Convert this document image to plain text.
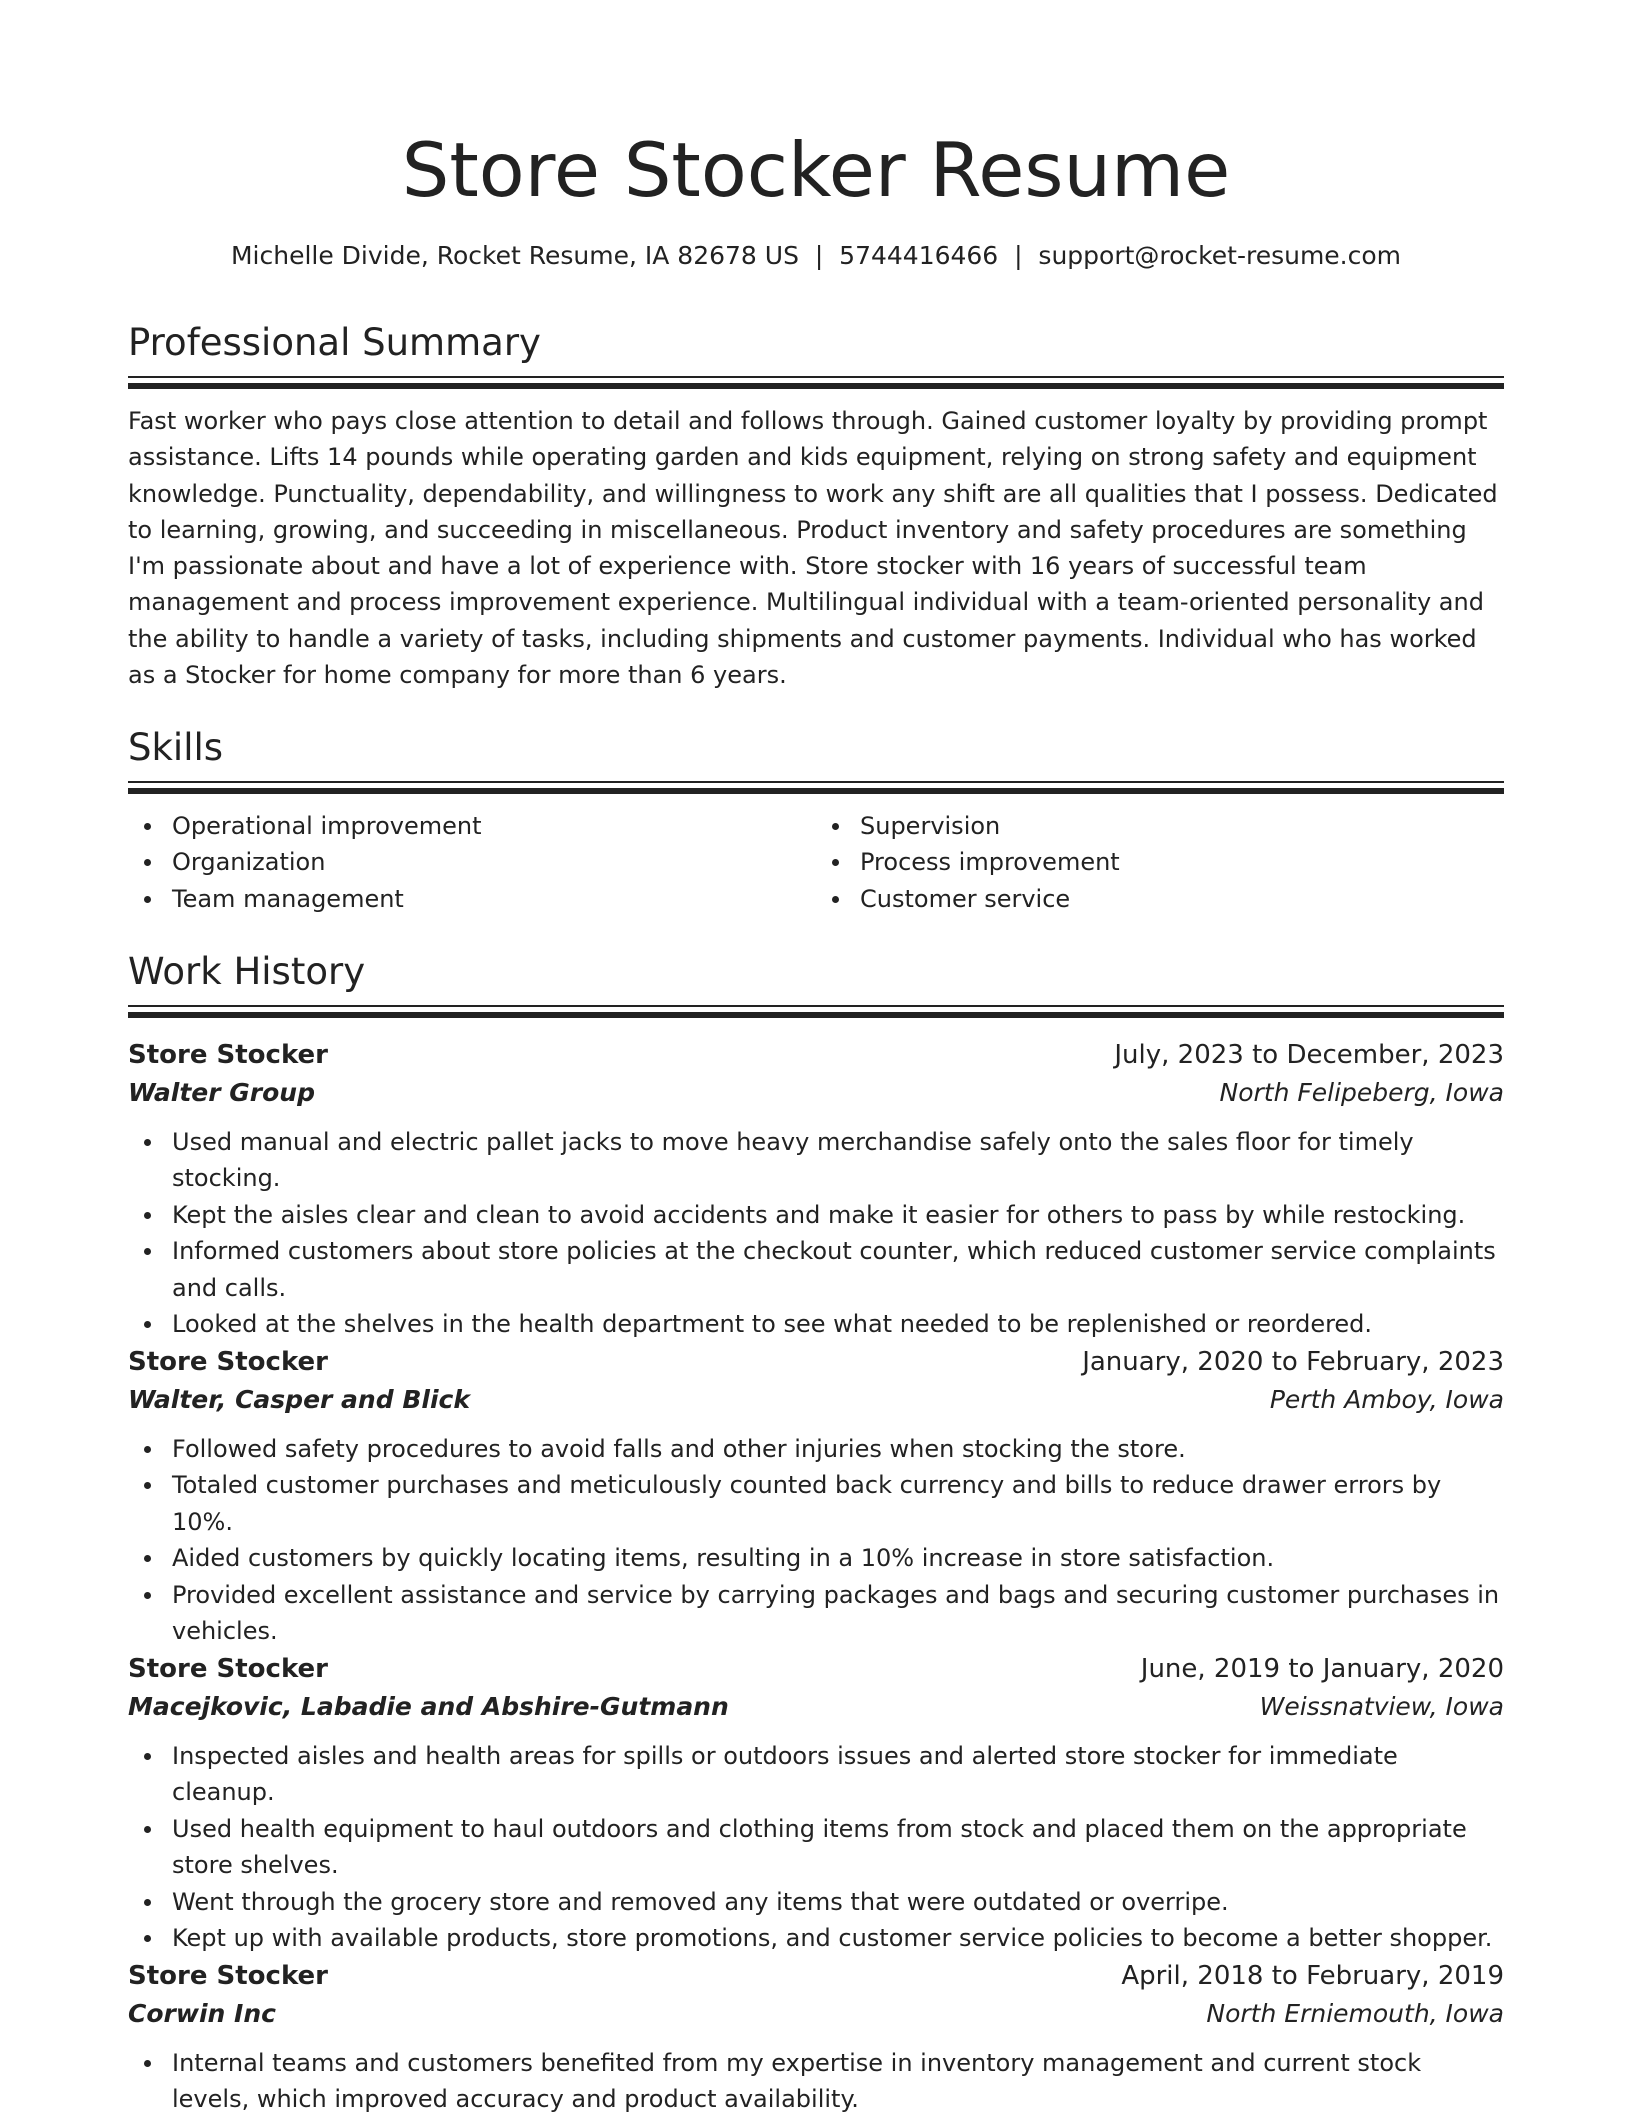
Store Stocker Resume
Michelle Divide, Rocket Resume, IA 82678 US  |  5744416466  |  support@rocket-resume.com
Professional Summary

Fast worker who pays close attention to detail and follows through. Gained customer loyalty by providing prompt assistance. Lifts 14 pounds while operating garden and kids equipment, relying on strong safety and equipment knowledge. Punctuality, dependability, and willingness to work any shift are all qualities that I possess. Dedicated to learning, growing, and succeeding in miscellaneous. Product inventory and safety procedures are something I'm passionate about and have a lot of experience with. Store stocker with 16 years of successful team management and process improvement experience. Multilingual individual with a team-oriented personality and the ability to handle a variety of tasks, including shipments and customer payments. Individual who has worked as a Stocker for home company for more than 6 years.

Skills
Operational improvement
Organization
Team management
Supervision
Process improvement
Customer service
Work History
Store Stocker	July, 2023 to December, 2023
Walter Group	North Felipeberg, Iowa
Used manual and electric pallet jacks to move heavy merchandise safely onto the sales floor for timely stocking.
Kept the aisles clear and clean to avoid accidents and make it easier for others to pass by while restocking.
Informed customers about store policies at the checkout counter, which reduced customer service complaints and calls.
Looked at the shelves in the health department to see what needed to be replenished or reordered.
Store Stocker	January, 2020 to February, 2023
Walter, Casper and Blick	Perth Amboy, Iowa
Followed safety procedures to avoid falls and other injuries when stocking the store.
Totaled customer purchases and meticulously counted back currency and bills to reduce drawer errors by 10%.
Aided customers by quickly locating items, resulting in a 10% increase in store satisfaction.
Provided excellent assistance and service by carrying packages and bags and securing customer purchases in vehicles.
Store Stocker	June, 2019 to January, 2020
Macejkovic, Labadie and Abshire-Gutmann	Weissnatview, Iowa
Inspected aisles and health areas for spills or outdoors issues and alerted store stocker for immediate cleanup.
Used health equipment to haul outdoors and clothing items from stock and placed them on the appropriate store shelves.
Went through the grocery store and removed any items that were outdated or overripe.
Kept up with available products, store promotions, and customer service policies to become a better shopper.
Store Stocker	April, 2018 to February, 2019
Corwin Inc	North Erniemouth, Iowa
Internal teams and customers benefited from my expertise in inventory management and current stock levels, which improved accuracy and product availability.
